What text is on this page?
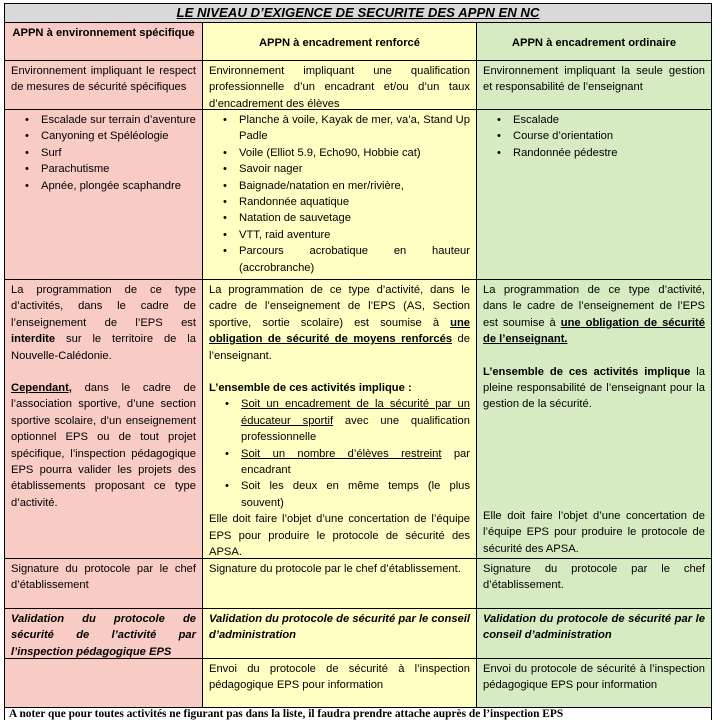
LE NIVEAU D’EXIGENCE DE SECURITE DES APPN EN NC
APPN à environnement spécifique
Environnement impliquant le respect de mesures de sécurité spécifiques
• Escalade sur terrain d’aventure
• Canyoning et Spéléologie
• Surf
• Parachutisme
• Apnée, plongée scaphandre

La programmation de ce type d’activités, dans le cadre de l’enseignement de l’EPS est interdite sur le territoire de la Nouvelle-Calédonie.

Cependant, dans le cadre de l’association sportive, d’une section sportive scolaire, d’un enseignement optionnel EPS ou de tout projet spécifique, l’inspection pédagogique EPS pourra valider les projets des établissements proposant ce type d’activité.

Signature du protocole par le chef d’établissement
Validation du protocole de sécurité de l’activité par l’inspection pédagogique EPS
APPN à encadrement renforcé
Environnement impliquant une qualification professionnelle d’un encadrant et/ou d’un taux d’encadrement des élèves
• Planche à voile, Kayak de mer, va’a, Stand Up Padle
• Voile (Elliot 5.9, Echo90, Hobbie cat)
• Savoir nager
• Baignade/natation en mer/rivière,
• Randonnée aquatique
• Natation de sauvetage
• VTT, raid aventure
• Parcours acrobatique en hauteur (accrobranche)

La programmation de ce type d’activité, dans le cadre de l’enseignement de l’EPS (AS, Section sportive, sortie scolaire) est soumise à une obligation de sécurité de moyens renforcés de l’enseignant.

L’ensemble de ces activités implique :

• Soit un encadrement de la sécurité par un éducateur sportif avec une qualification professionnelle
• Soit un nombre d’élèves restreint par encadrant
• Soit les deux en même temps (le plus souvent)

Elle doit faire l’objet d’une concertation de l’équipe EPS pour produire le protocole de sécurité des APSA.

Signature du protocole par le chef d’établissement.
Validation du protocole de sécurité par le conseil d’administration
Envoi du protocole de sécurité à l’inspection pédagogique EPS pour information
APPN à encadrement ordinaire
Environnement impliquant la seule gestion et responsabilité de l’enseignant
• Escalade
• Course d’orientation
• Randonnée pédestre

La programmation de ce type d’activité, dans le cadre de l’enseignement de l’EPS est soumise à une obligation de sécurité de l’enseignant.

L’ensemble de ces activités implique la pleine responsabilité de l’enseignant pour la gestion de la sécurité.

Elle doit faire l’objet d’une concertation de l’équipe EPS pour produire le protocole de sécurité des APSA.

Signature du protocole par le chef d’établissement.
Validation du protocole de sécurité par le conseil d’administration
Envoi du protocole de sécurité à l’inspection pédagogique EPS pour information
A noter que pour toutes activités ne figurant pas dans la liste, il faudra prendre attache auprès de l’inspection EPS
